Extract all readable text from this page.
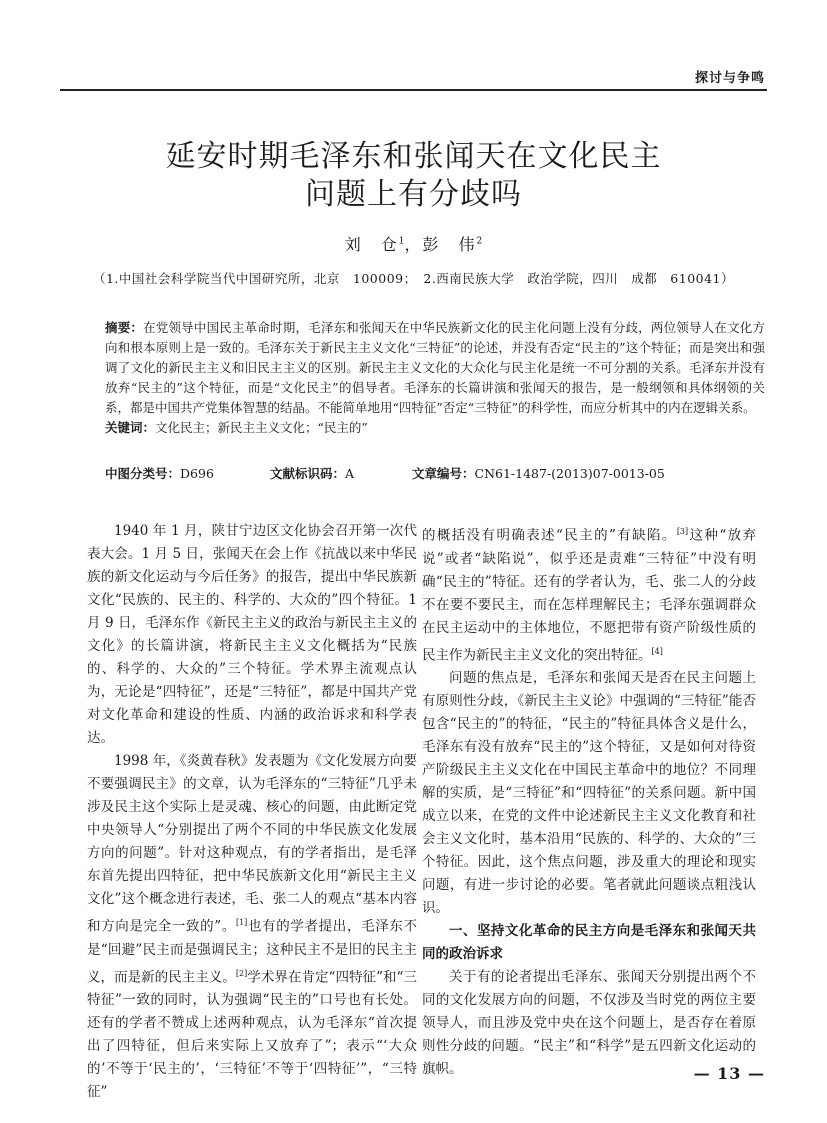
探讨与争鸣
延安时期毛泽东和张闻天在文化民主
问题上有分歧吗
刘　仓$^1$，彭　伟$^2$
（1.中国社会科学院当代中国研究所，北京　100009；　2.西南民族大学　政治学院，四川　成都　610041）

摘要：在党领导中国民主革命时期，毛泽东和张闻天在中华民族新文化的民主化问题上没有分歧，两位领导人在文化方向和根本原则上是一致的。毛泽东关于新民主主义文化“三特征”的论述，并没有否定“民主的”这个特征；而是突出和强调了文化的新民主主义和旧民主主义的区别。新民主主义文化的大众化与民主化是统一不可分割的关系。毛泽东并没有放弃“民主的”这个特征，而是“文化民主”的倡导者。毛泽东的长篇讲演和张闻天的报告，是一般纲领和具体纲领的关系，都是中国共产党集体智慧的结晶。不能简单地用“四特征”否定“三特征”的科学性，而应分析其中的内在逻辑关系。

关键词：文化民主；新民主主义文化；“民主的”

中图分类号：D696	文献标识码：A	文章编号：CN61-1487-(2013)07-0013-05

1940 年 1 月，陕甘宁边区文化协会召开第一次代表大会。1 月 5 日，张闻天在会上作《抗战以来中华民族的新文化运动与今后任务》的报告，提出中华民族新文化“民族的、民主的、科学的、大众的”四个特征。1 月 9 日，毛泽东作《新民主主义的政治与新民主主义的文化》的长篇讲演，将新民主主义文化概括为“民族的、科学的、大众的”三个特征。学术界主流观点认为，无论是“四特征”，还是“三特征”，都是中国共产党对文化革命和建设的性质、内涵的政治诉求和科学表达。

1998 年，《炎黄春秋》发表题为《文化发展方向要不要强调民主》的文章，认为毛泽东的“三特征”几乎未涉及民主这个实际上是灵魂、核心的问题，由此断定党中央领导人“分别提出了两个不同的中华民族文化发展方向的问题”。针对这种观点，有的学者指出，是毛泽东首先提出四特征，把中华民族新文化用“新民主主义文化”这个概念进行表述，毛、张二人的观点“基本内容和方向是完全一致的”。[1]也有的学者提出，毛泽东不是“回避”民主而是强调民主；这种民主不是旧的民主主义，而是新的民主主义。[2]学术界在肯定“四特征”和“三特征”一致的同时，认为强调“民主的”口号也有长处。还有的学者不赞成上述两种观点，认为毛泽东“首次提出了四特征，但后来实际上又放弃了”；表示“‘大众的’不等于‘民主的’，‘三特征’不等于‘四特征’”，“三特征”

的概括没有明确表述“民主的”有缺陷。[3]这种“放弃说”或者“缺陷说”，似乎还是责难“三特征”中没有明确“民主的”特征。还有的学者认为，毛、张二人的分歧不在要不要民主，而在怎样理解民主；毛泽东强调群众在民主运动中的主体地位，不愿把带有资产阶级性质的民主作为新民主主义文化的突出特征。[4]

问题的焦点是，毛泽东和张闻天是否在民主问题上有原则性分歧，《新民主主义论》中强调的“三特征”能否包含“民主的”的特征，“民主的”特征具体含义是什么，毛泽东有没有放弃“民主的”这个特征，又是如何对待资产阶级民主主义文化在中国民主革命中的地位？不同理解的实质，是“三特征”和“四特征”的关系问题。新中国成立以来，在党的文件中论述新民主主义文化教育和社会主义文化时，基本沿用“民族的、科学的、大众的”三个特征。因此，这个焦点问题，涉及重大的理论和现实问题，有进一步讨论的必要。笔者就此问题谈点粗浅认识。

一、坚持文化革命的民主方向是毛泽东和张闻天共同的政治诉求

关于有的论者提出毛泽东、张闻天分别提出两个不同的文化发展方向的问题，不仅涉及当时党的两位主要领导人，而且涉及党中央在这个问题上，是否存在着原则性分歧的问题。“民主”和“科学”是五四新文化运动的旗帜。	— 13 —
